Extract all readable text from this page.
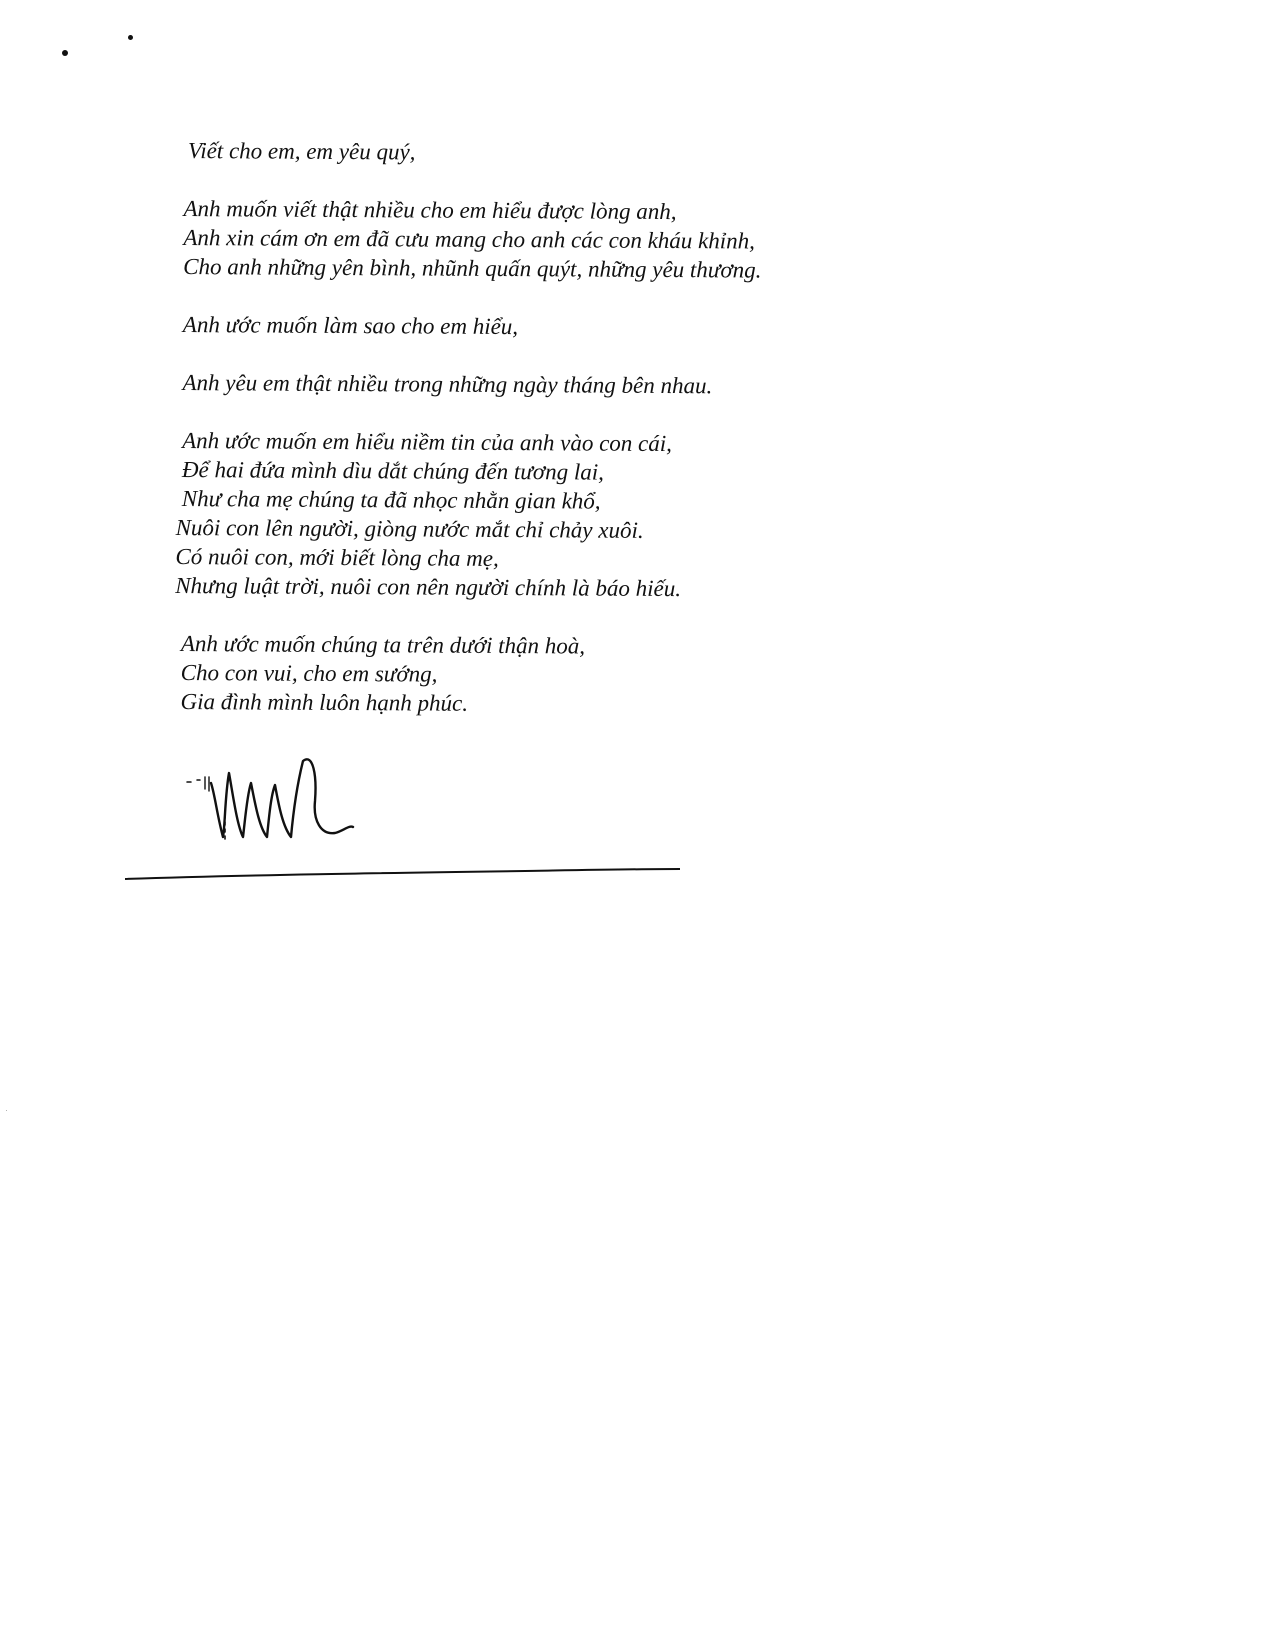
Viết cho em, em yêu quý,
Anh muốn viết thật nhiều cho em hiểu được lòng anh,
Anh xin cám ơn em đã cưu mang cho anh các con kháu khỉnh,
Cho anh những yên bình, nhũnh quấn quýt, những yêu thương.
Anh ước muốn làm sao cho em hiểu,
Anh yêu em thật nhiều trong những ngày tháng bên nhau.
Anh ước muốn em hiểu niềm tin của anh vào con cái,
Để hai đứa mình dìu dắt chúng đến tương lai,
Như cha mẹ chúng ta đã nhọc nhằn gian khổ,
Nuôi con lên người, giòng nước mắt chỉ chảy xuôi.
Có nuôi con, mới biết lòng cha mẹ,
Nhưng luật trời, nuôi con nên người chính là báo hiếu.
Anh ước muốn chúng ta trên dưới thận hoà,
Cho con vui, cho em sướng,
Gia đình mình luôn hạnh phúc.
